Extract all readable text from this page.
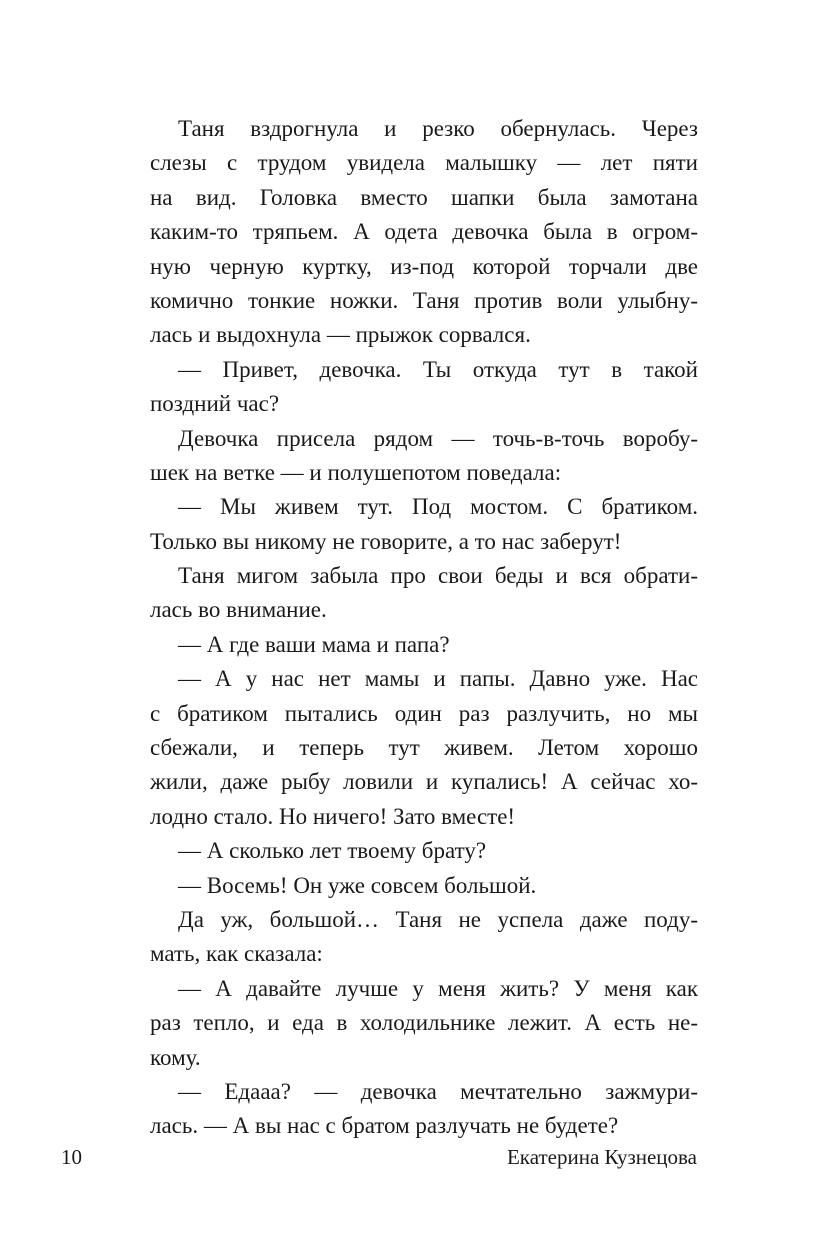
Таня вздрогнула и резко обернулась. Через
слезы с трудом увидела малышку — лет пяти
на вид. Головка вместо шапки была замотана
каким-то тряпьем. А одета девочка была в огром-
ную черную куртку, из-под которой торчали две
комично тонкие ножки. Таня против воли улыбну-
лась и выдохнула — прыжок сорвался.
— Привет, девочка. Ты откуда тут в такой
поздний час?
Девочка присела рядом — точь-в-точь воробу-
шек на ветке — и полушепотом поведала:
— Мы живем тут. Под мостом. С братиком.
Только вы никому не говорите, а то нас заберут!
Таня мигом забыла про свои беды и вся обрати-
лась во внимание.
— А где ваши мама и папа?
— А у нас нет мамы и папы. Давно уже. Нас
с братиком пытались один раз разлучить, но мы
сбежали, и теперь тут живем. Летом хорошо
жили, даже рыбу ловили и купались! А сейчас хо-
лодно стало. Но ничего! Зато вместе!
— А сколько лет твоему брату?
— Восемь! Он уже совсем большой.
Да уж, большой… Таня не успела даже поду-
мать, как сказала:
— А давайте лучше у меня жить? У меня как
раз тепло, и еда в холодильнике лежит. А есть не-
кому.
— Едааа? — девочка мечтательно зажмури-
лась. — А вы нас с братом разлучать не будете?
10	Екатерина Кузнецова
